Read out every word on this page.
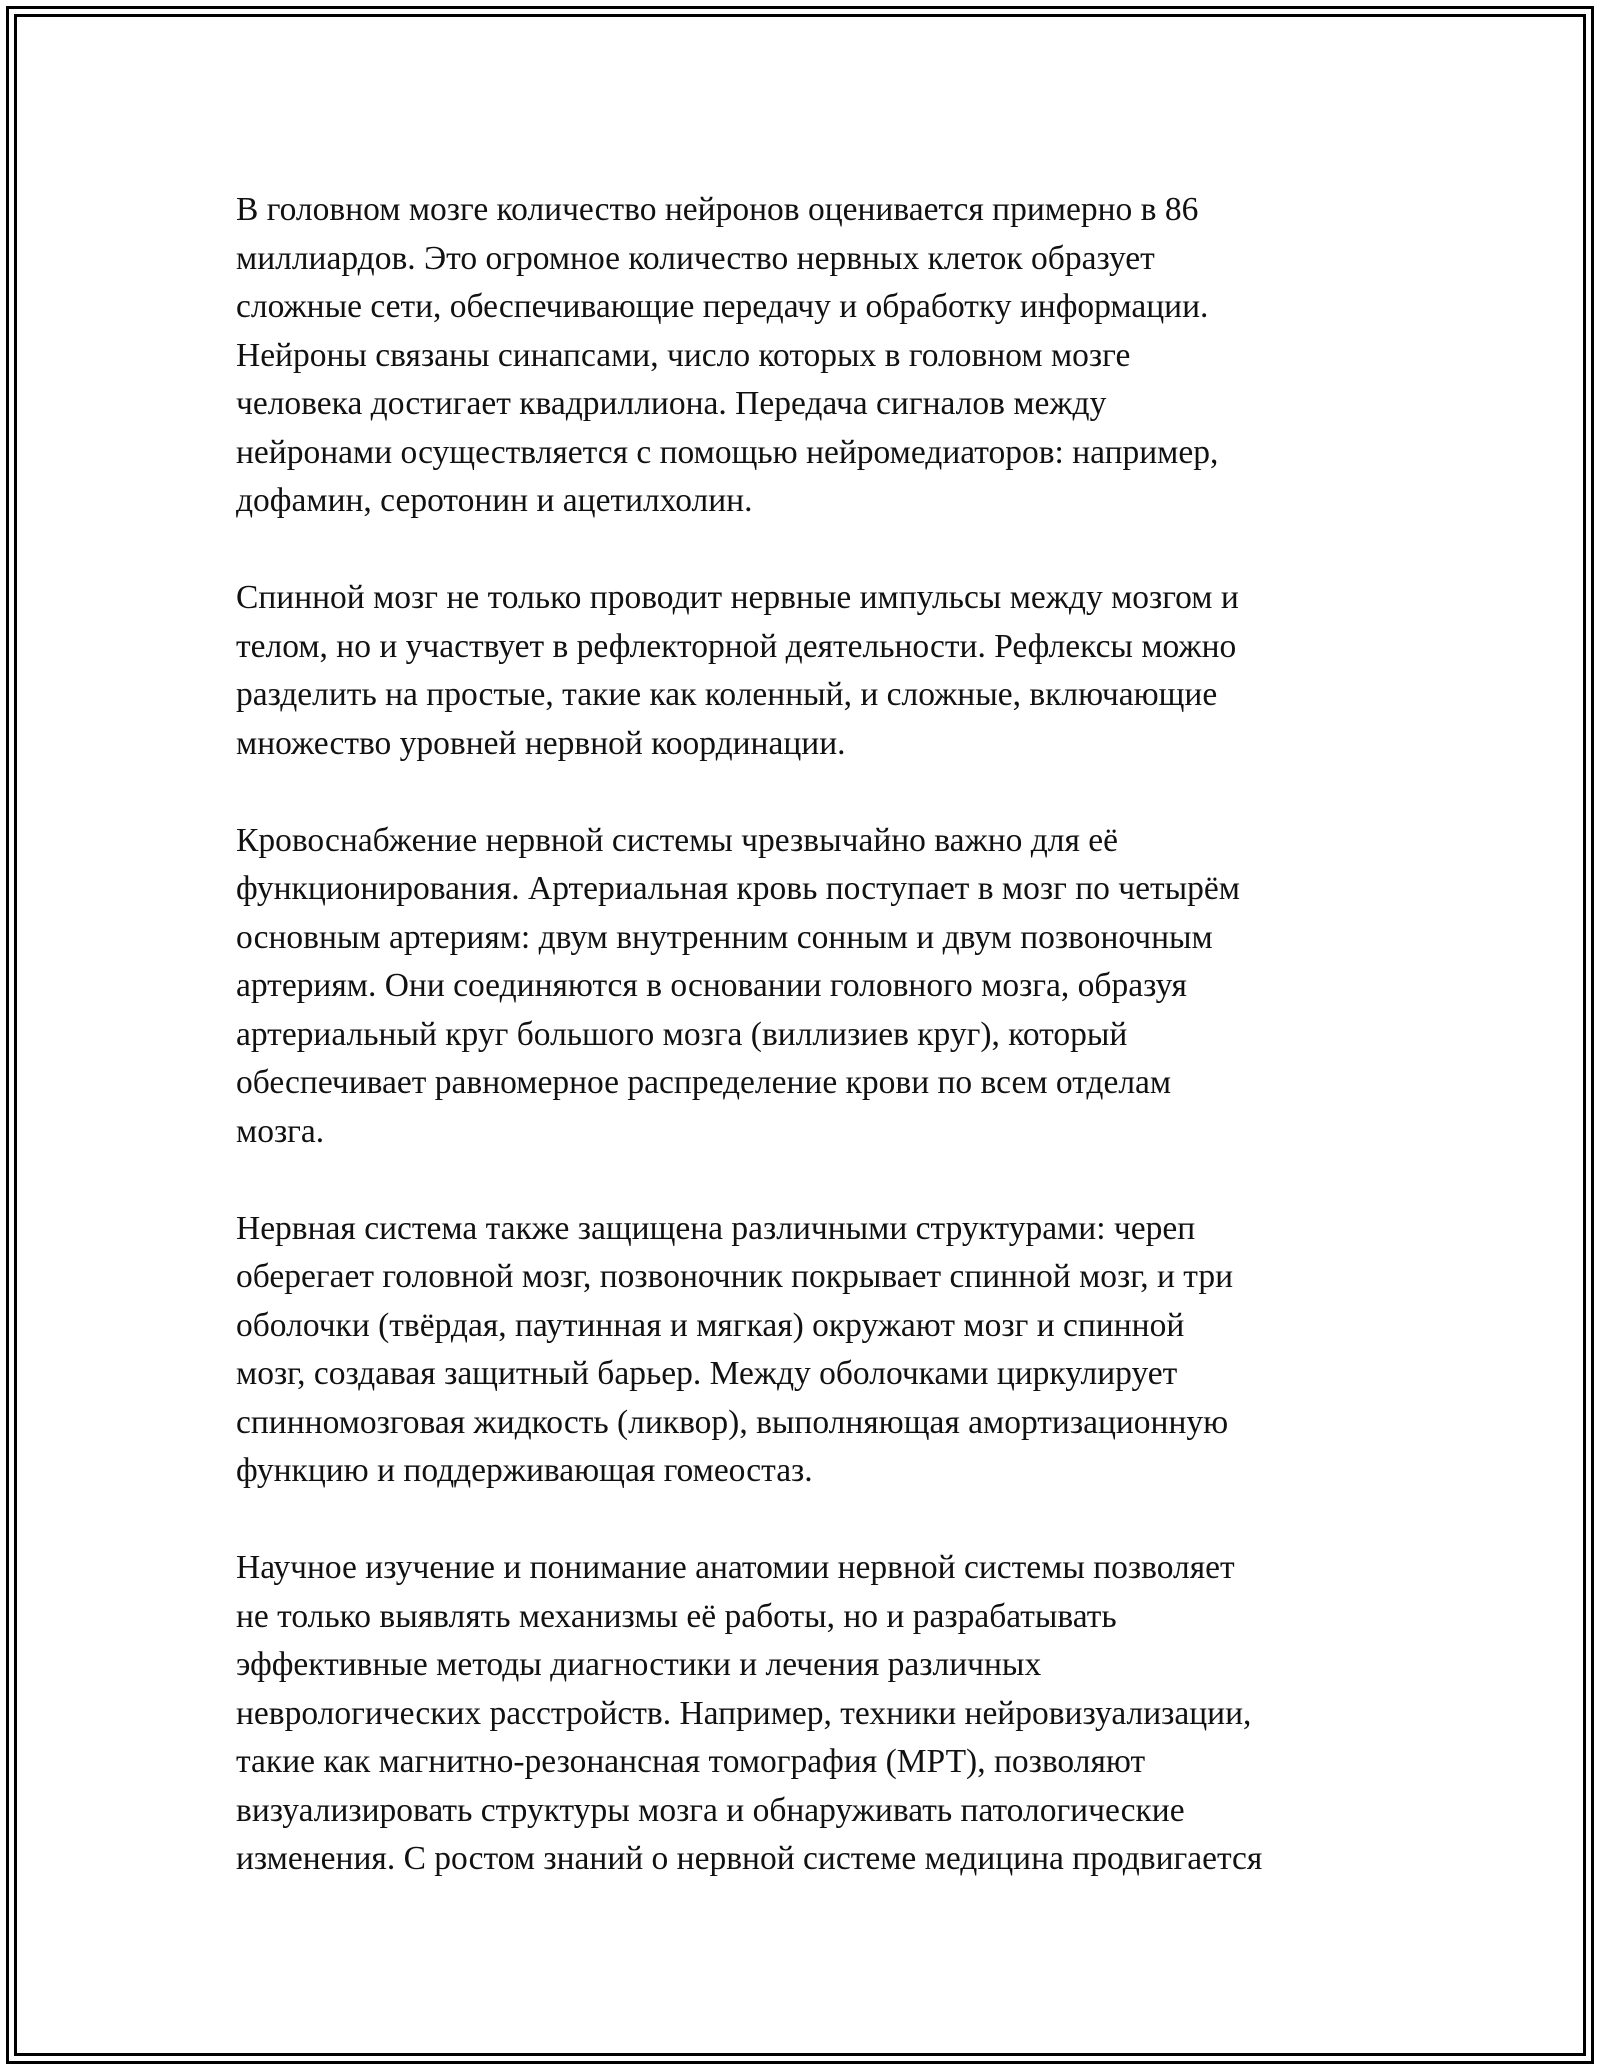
В головном мозге количество нейронов оценивается примерно в 86
миллиардов. Это огромное количество нервных клеток образует
сложные сети, обеспечивающие передачу и обработку информации.
Нейроны связаны синапсами, число которых в головном мозге
человека достигает квадриллиона. Передача сигналов между
нейронами осуществляется с помощью нейромедиаторов: например,
дофамин, серотонин и ацетилхолин.

Спинной мозг не только проводит нервные импульсы между мозгом и
телом, но и участвует в рефлекторной деятельности. Рефлексы можно
разделить на простые, такие как коленный, и сложные, включающие
множество уровней нервной координации.

Кровоснабжение нервной системы чрезвычайно важно для её
функционирования. Артериальная кровь поступает в мозг по четырём
основным артериям: двум внутренним сонным и двум позвоночным
артериям. Они соединяются в основании головного мозга, образуя
артериальный круг большого мозга (виллизиев круг), который
обеспечивает равномерное распределение крови по всем отделам
мозга.

Нервная система также защищена различными структурами: череп
оберегает головной мозг, позвоночник покрывает спинной мозг, и три
оболочки (твёрдая, паутинная и мягкая) окружают мозг и спинной
мозг, создавая защитный барьер. Между оболочками циркулирует
спинномозговая жидкость (ликвор), выполняющая амортизационную
функцию и поддерживающая гомеостаз.

Научное изучение и понимание анатомии нервной системы позволяет
не только выявлять механизмы её работы, но и разрабатывать
эффективные методы диагностики и лечения различных
неврологических расстройств. Например, техники нейровизуализации,
такие как магнитно-резонансная томография (МРТ), позволяют
визуализировать структуры мозга и обнаруживать патологические
изменения. С ростом знаний о нервной системе медицина продвигается
